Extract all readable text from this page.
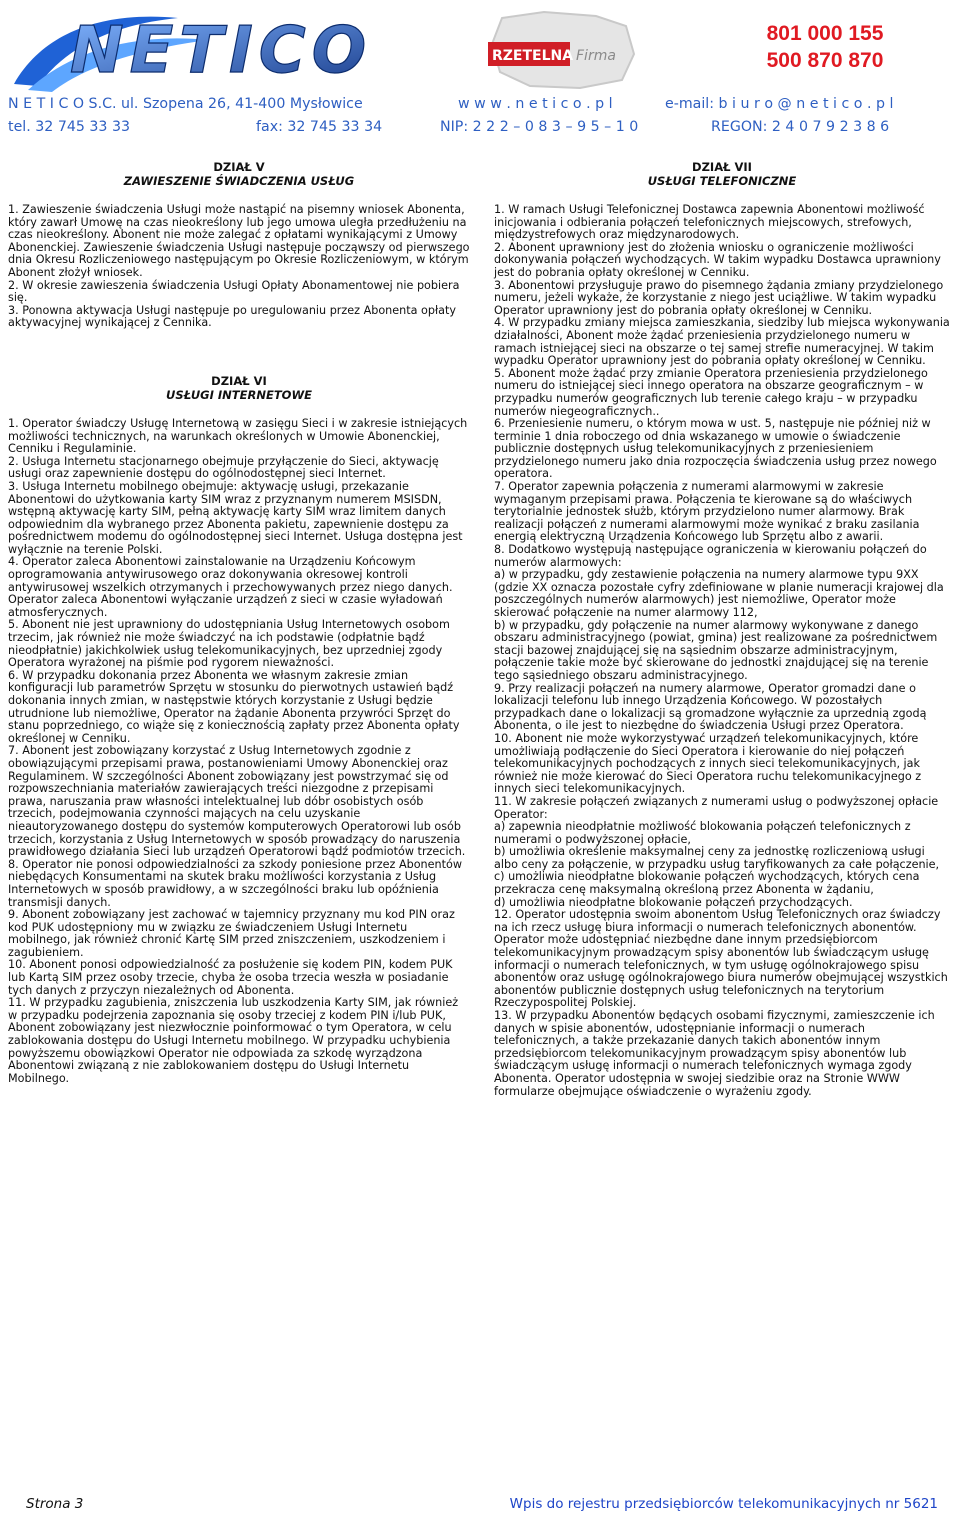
NETICO	RZETELNA Firma
801 000 155
500 870 870
N E T I C O S.C. ul. Szopena 26, 41-400 Mysłowice	w w w . n e t i c o . p l	e-mail: b i u r o @ n e t i c o . p l
tel. 32 745 33 33	fax: 32 745 33 34	NIP: 2 2 2 – 0 8 3 – 9 5 – 1 0	REGON: 2 4 0 7 9 2 3 8 6
DZIAŁ V
ZAWIESZENIE ŚWIADCZENIA USŁUG

1. Zawieszenie świadczenia Usługi może nastąpić na pisemny wniosek Abonenta, który zawarł Umowę na czas nieokreślony lub jego umowa uległa przedłużeniu na czas nieokreślony. Abonent nie może zalegać z opłatami wynikającymi z Umowy Abonenckiej. Zawieszenie świadczenia Usługi następuje począwszy od pierwszego dnia Okresu Rozliczeniowego następującym po Okresie Rozliczeniowym, w którym Abonent złożył wniosek.

2. W okresie zawieszenia świadczenia Usługi Opłaty Abonamentowej nie pobiera się.

3. Ponowna aktywacja Usługi następuje po uregulowaniu przez Abonenta opłaty aktywacyjnej wynikającej z Cennika.

DZIAŁ VI
USŁUGI INTERNETOWE

1. Operator świadczy Usługę Internetową w zasięgu Sieci i w zakresie istniejących możliwości technicznych, na warunkach określonych w Umowie Abonenckiej, Cenniku i Regulaminie.

2. Usługa Internetu stacjonarnego obejmuje przyłączenie do Sieci, aktywację usługi oraz zapewnienie dostępu do ogólnodostępnej sieci Internet.

3. Usługa Internetu mobilnego obejmuje: aktywację usługi, przekazanie Abonentowi do użytkowania karty SIM wraz z przyznanym numerem MSISDN, wstępną aktywację karty SIM, pełną aktywację karty SIM wraz limitem danych odpowiednim dla wybranego przez Abonenta pakietu, zapewnienie dostępu za pośrednictwem modemu do ogólnodostępnej sieci Internet. Usługa dostępna jest wyłącznie na terenie Polski.

4. Operator zaleca Abonentowi zainstalowanie na Urządzeniu Końcowym oprogramowania antywirusowego oraz dokonywania okresowej kontroli antywirusowej wszelkich otrzymanych i przechowywanych przez niego danych. Operator zaleca Abonentowi wyłączanie urządzeń z sieci w czasie wyładowań atmosferycznych.

5. Abonent nie jest uprawniony do udostępniania Usług Internetowych osobom trzecim, jak również nie może świadczyć na ich podstawie (odpłatnie bądź nieodpłatnie) jakichkolwiek usług telekomunikacyjnych, bez uprzedniej zgody Operatora wyrażonej na piśmie pod rygorem nieważności.

6. W przypadku dokonania przez Abonenta we własnym zakresie zmian konfiguracji lub parametrów Sprzętu w stosunku do pierwotnych ustawień bądź dokonania innych zmian, w następstwie których korzystanie z Usługi będzie utrudnione lub niemożliwe, Operator na żądanie Abonenta przywróci Sprzęt do stanu poprzedniego, co wiąże się z koniecznością zapłaty przez Abonenta opłaty określonej w Cenniku.

7. Abonent jest zobowiązany korzystać z Usług Internetowych zgodnie z obowiązującymi przepisami prawa, postanowieniami Umowy Abonenckiej oraz Regulaminem. W szczególności Abonent zobowiązany jest powstrzymać się od rozpowszechniania materiałów zawierających treści niezgodne z przepisami prawa, naruszania praw własności intelektualnej lub dóbr osobistych osób trzecich, podejmowania czynności mających na celu uzyskanie nieautoryzowanego dostępu do systemów komputerowych Operatorowi lub osób trzecich, korzystania z Usług Internetowych w sposób prowadzący do naruszenia prawidłowego działania Sieci lub urządzeń Operatorowi bądź podmiotów trzecich.

8. Operator nie ponosi odpowiedzialności za szkody poniesione przez Abonentów niebędących Konsumentami na skutek braku możliwości korzystania z Usług Internetowych w sposób prawidłowy, a w szczególności braku lub opóźnienia transmisji danych.

9. Abonent zobowiązany jest zachować w tajemnicy przyznany mu kod PIN oraz kod PUK udostępniony mu w związku ze świadczeniem Usługi Internetu mobilnego, jak również chronić Kartę SIM przed zniszczeniem, uszkodzeniem i zagubieniem.

10. Abonent ponosi odpowiedzialność za posłużenie się kodem PIN, kodem PUK lub Kartą SIM przez osoby trzecie, chyba że osoba trzecia weszła w posiadanie tych danych z przyczyn niezależnych od Abonenta.

11. W przypadku zagubienia, zniszczenia lub uszkodzenia Karty SIM, jak również w przypadku podejrzenia zapoznania się osoby trzeciej z kodem PIN i/lub PUK, Abonent zobowiązany jest niezwłocznie poinformować o tym Operatora, w celu zablokowania dostępu do Usługi Internetu mobilnego. W przypadku uchybienia powyższemu obowiązkowi Operator nie odpowiada za szkodę wyrządzona Abonentowi związaną z nie zablokowaniem dostępu do Usługi Internetu Mobilnego.

DZIAŁ VII
USŁUGI TELEFONICZNE

1. W ramach Usługi Telefonicznej Dostawca zapewnia Abonentowi możliwość inicjowania i odbierania połączeń telefonicznych miejscowych, strefowych, międzystrefowych oraz międzynarodowych.

2. Abonent uprawniony jest do złożenia wniosku o ograniczenie możliwości dokonywania połączeń wychodzących. W takim wypadku Dostawca uprawniony jest do pobrania opłaty określonej w Cenniku.

3. Abonentowi przysługuje prawo do pisemnego żądania zmiany przydzielonego numeru, jeżeli wykaże, że korzystanie z niego jest uciążliwe. W takim wypadku Operator uprawniony jest do pobrania opłaty określonej w Cenniku.

4. W przypadku zmiany miejsca zamieszkania, siedziby lub miejsca wykonywania działalności, Abonent może żądać przeniesienia przydzielonego numeru w ramach istniejącej sieci na obszarze o tej samej strefie numeracyjnej. W takim wypadku Operator uprawniony jest do pobrania opłaty określonej w Cenniku.

5. Abonent może żądać przy zmianie Operatora przeniesienia przydzielonego numeru do istniejącej sieci innego operatora na obszarze geograficznym – w przypadku numerów geograficznych lub terenie całego kraju – w przypadku numerów niegeograficznych..

6. Przeniesienie numeru, o którym mowa w ust. 5, następuje nie później niż w terminie 1 dnia roboczego od dnia wskazanego w umowie o świadczenie publicznie dostępnych usług telekomunikacyjnych z przeniesieniem przydzielonego numeru jako dnia rozpoczęcia świadczenia usług przez nowego operatora.

7. Operator zapewnia połączenia z numerami alarmowymi w zakresie wymaganym przepisami prawa. Połączenia te kierowane są do właściwych terytorialnie jednostek służb, którym przydzielono numer alarmowy. Brak realizacji połączeń z numerami alarmowymi może wynikać z braku zasilania energią elektryczną Urządzenia Końcowego lub Sprzętu albo z awarii.

8. Dodatkowo występują następujące ograniczenia w kierowaniu połączeń do numerów alarmowych:

a) w przypadku, gdy zestawienie połączenia na numery alarmowe typu 9XX (gdzie XX oznacza pozostałe cyfry zdefiniowane w planie numeracji krajowej dla poszczególnych numerów alarmowych) jest niemożliwe, Operator może skierować połączenie na numer alarmowy 112,

b) w przypadku, gdy połączenie na numer alarmowy wykonywane z danego obszaru administracyjnego (powiat, gmina) jest realizowane za pośrednictwem stacji bazowej znajdującej się na sąsiednim obszarze administracyjnym, połączenie takie może być skierowane do jednostki znajdującej się na terenie tego sąsiedniego obszaru administracyjnego.

9. Przy realizacji połączeń na numery alarmowe, Operator gromadzi dane o lokalizacji telefonu lub innego Urządzenia Końcowego. W pozostałych przypadkach dane o lokalizacji są gromadzone wyłącznie za uprzednią zgodą Abonenta, o ile jest to niezbędne do świadczenia Usługi przez Operatora.

10. Abonent nie może wykorzystywać urządzeń telekomunikacyjnych, które umożliwiają podłączenie do Sieci Operatora i kierowanie do niej połączeń telekomunikacyjnych pochodzących z innych sieci telekomunikacyjnych, jak również nie może kierować do Sieci Operatora ruchu telekomunikacyjnego z innych sieci telekomunikacyjnych.

11. W zakresie połączeń związanych z numerami usług o podwyższonej opłacie Operator:

a) zapewnia nieodpłatnie możliwość blokowania połączeń telefonicznych z numerami o podwyższonej opłacie,

b) umożliwia określenie maksymalnej ceny za jednostkę rozliczeniową usługi albo ceny za połączenie, w przypadku usług taryfikowanych za całe połączenie,

c) umożliwia nieodpłatne blokowanie połączeń wychodzących, których cena przekracza cenę maksymalną określoną przez Abonenta w żądaniu,

d) umożliwia nieodpłatne blokowanie połączeń przychodzących.

12. Operator udostępnia swoim abonentom Usług Telefonicznych oraz świadczy na ich rzecz usługę biura informacji o numerach telefonicznych abonentów. Operator może udostępniać niezbędne dane innym przedsiębiorcom telekomunikacyjnym prowadzącym spisy abonentów lub świadczącym usługę informacji o numerach telefonicznych, w tym usługę ogólnokrajowego spisu abonentów oraz usługę ogólnokrajowego biura numerów obejmującej wszystkich abonentów publicznie dostępnych usług telefonicznych na terytorium Rzeczypospolitej Polskiej.

13. W przypadku Abonentów będących osobami fizycznymi, zamieszczenie ich danych w spisie abonentów, udostępnianie informacji o numerach telefonicznych, a także przekazanie danych takich abonentów innym przedsiębiorcom telekomunikacyjnym prowadzącym spisy abonentów lub świadczącym usługę informacji o numerach telefonicznych wymaga zgody Abonenta. Operator udostępnia w swojej siedzibie oraz na Stronie WWW formularze obejmujące oświadczenie o wyrażeniu zgody.

Strona 3	Wpis do rejestru przedsiębiorców telekomunikacyjnych nr 5621
